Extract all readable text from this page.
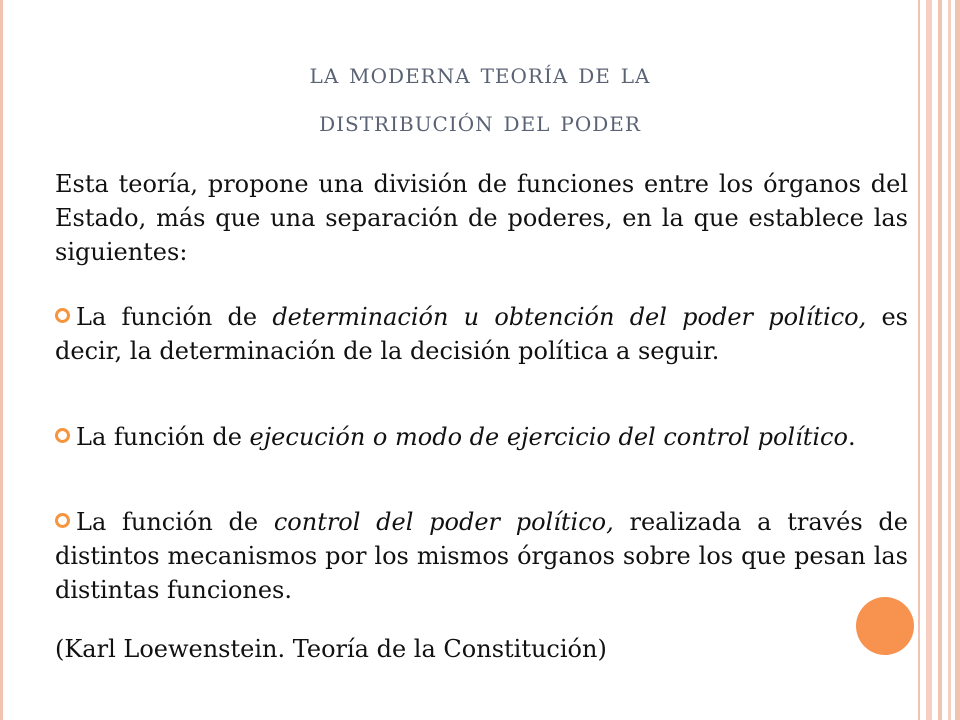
la moderna teoría de la
distribución del poder
Esta teoría, propone una división de funciones entre los órganos del Estado, más que una separación de poderes, en la que establece las siguientes:
La función de determinación u obtención del poder político, es decir, la determinación de la decisión política a seguir.
La función de ejecución o modo de ejercicio del control político.
La función de control del poder político, realizada a través de distintos mecanismos por los mismos órganos sobre los que pesan las distintas funciones.
(Karl Loewenstein. Teoría de la Constitución)
